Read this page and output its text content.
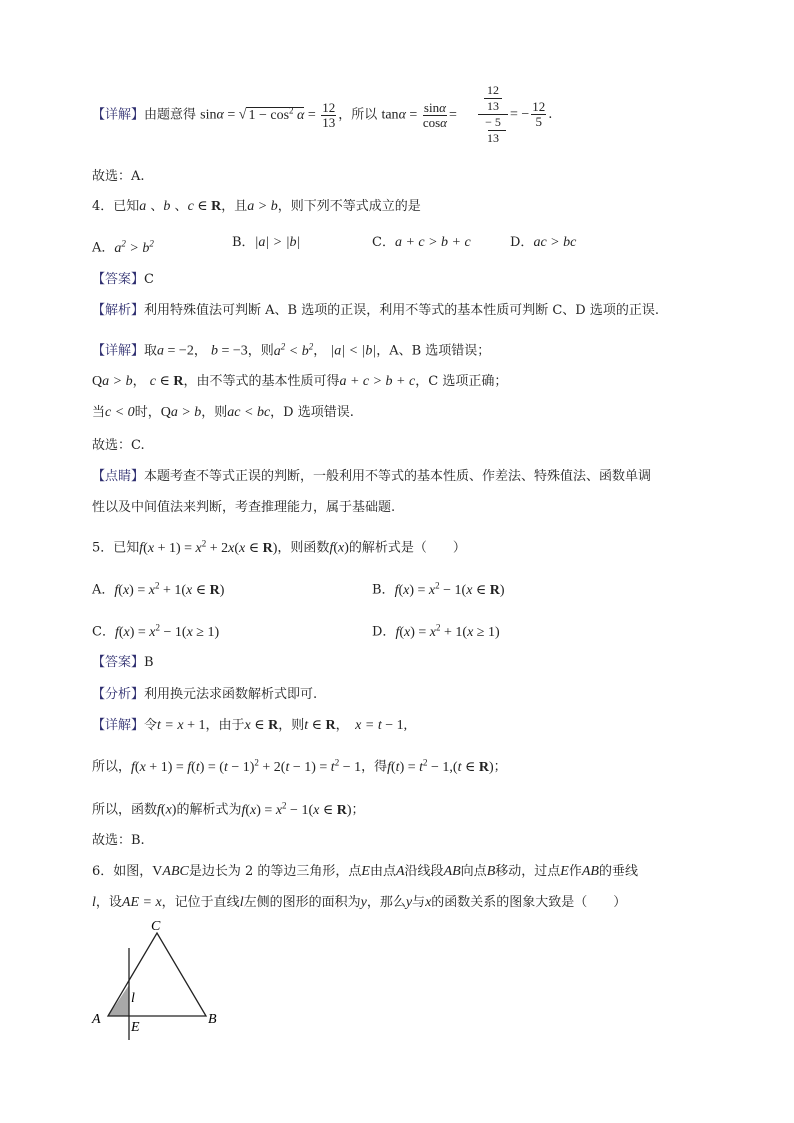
【详解】由题意得 sinα = √ $1 - \cos^2 \alpha = \frac{12}{13}$ ，所以 $\tan\alpha = \frac{\sin\alpha}{\cos\alpha}$ =
12
13
− 5
13
= − $\frac{12}{5}$ .
故选：A.
4．已知a 、b 、c ∈ R，且a > b，则下列不等式成立的是
A．$a^2 > b^2$	B．|a| > |b|	C．a + c > b + c	D．ac > bc
【答案】C
【解析】利用特殊值法可判断 A、B 选项的正误，利用不等式的基本性质可判断 C、D 选项的正误.
【详解】取a = −2， b = −3，则$a^2 < b^2$， |a| < |b|，A、B 选项错误；
Qa > b， c ∈ R，由不等式的基本性质可得a + c > b + c，C 选项正确；
当c < 0时，Qa > b，则ac < bc，D 选项错误.
故选：C.
【点睛】本题考查不等式正误的判断，一般利用不等式的基本性质、作差法、特殊值法、函数单调
性以及中间值法来判断，考查推理能力，属于基础题.
5．已知$f(x + 1) = x^2 + 2x(x$ ∈ R)，则函数f(x)的解析式是（　　）
A．$f(x) = x^2 + 1(x$ ∈ R)	B．$f(x) = x^2 - 1(x$ ∈ R)
C．$f(x) = x^2 - 1(x \ge 1)$	D．$f(x) = x^2 + 1(x \ge 1)$
【答案】B
【分析】利用换元法求函数解析式即可.
【详解】令t = x + 1，由于x ∈ R，则t ∈ R，　x = t − 1,
所以，$f(x + 1) = f(t) = (t - 1)^2 + 2(t - 1) = t^2 - 1$，得$f(t) = t^2 - 1,(t$ ∈ R)；
所以，函数f(x)的解析式为$f(x) = x^2 - 1(x$ ∈ R)；
故选：B.
6．如图，VABC是边长为 2 的等边三角形，点E由点A沿线段AB向点B移动，过点E作AB的垂线
l，设AE = x，记位于直线l左侧的图形的面积为y，那么y与x的函数关系的图象大致是（　　）
C
l
A
E
B
